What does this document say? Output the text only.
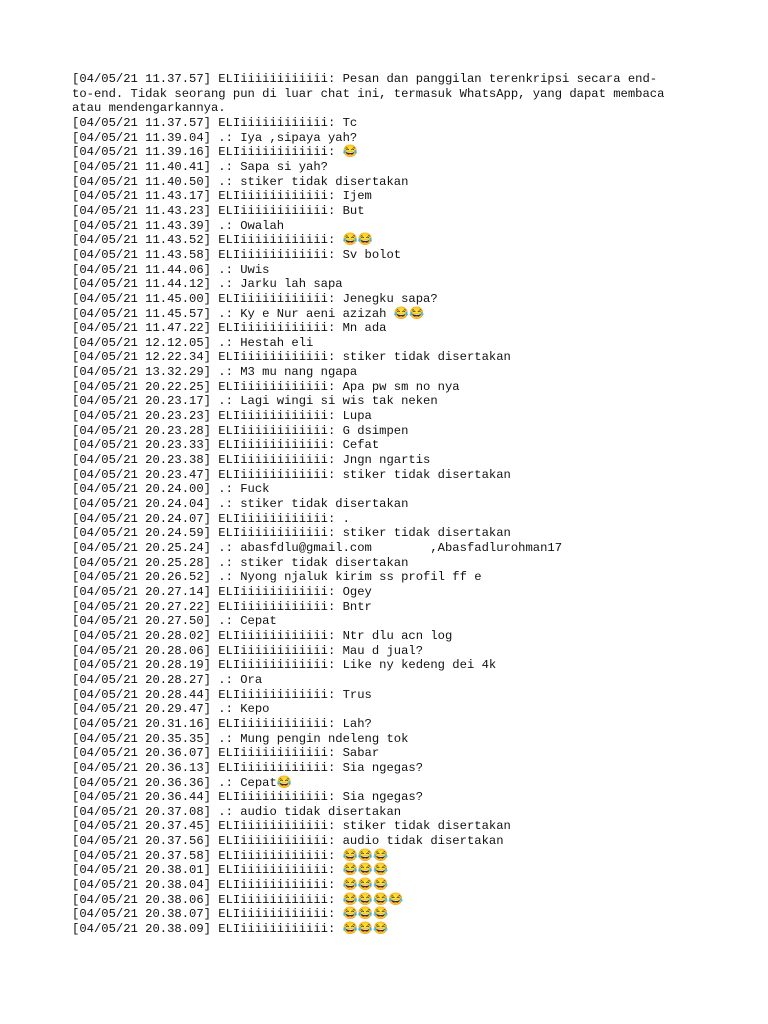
[04/05/21 11.37.57] ELIiiiiiiiiiiii: Pesan dan panggilan terenkripsi secara end-
to-end. Tidak seorang pun di luar chat ini, termasuk WhatsApp, yang dapat membaca
atau mendengarkannya.
[04/05/21 11.37.57] ELIiiiiiiiiiiii: Tc
[04/05/21 11.39.04] .: Iya ,sipaya yah?
[04/05/21 11.39.16] ELIiiiiiiiiiiii: 😂
[04/05/21 11.40.41] .: Sapa si yah?
[04/05/21 11.40.50] .: stiker tidak disertakan
[04/05/21 11.43.17] ELIiiiiiiiiiiii: Ijem
[04/05/21 11.43.23] ELIiiiiiiiiiiii: But
[04/05/21 11.43.39] .: Owalah
[04/05/21 11.43.52] ELIiiiiiiiiiiii: 😂😂
[04/05/21 11.43.58] ELIiiiiiiiiiiii: Sv bolot
[04/05/21 11.44.06] .: Uwis
[04/05/21 11.44.12] .: Jarku lah sapa
[04/05/21 11.45.00] ELIiiiiiiiiiiii: Jenegku sapa?
[04/05/21 11.45.57] .: Ky e Nur aeni azizah 😂😂
[04/05/21 11.47.22] ELIiiiiiiiiiiii: Mn ada
[04/05/21 12.12.05] .: Hestah eli
[04/05/21 12.22.34] ELIiiiiiiiiiiii: stiker tidak disertakan
[04/05/21 13.32.29] .: M3 mu nang ngapa
[04/05/21 20.22.25] ELIiiiiiiiiiiii: Apa pw sm no nya
[04/05/21 20.23.17] .: Lagi wingi si wis tak neken
[04/05/21 20.23.23] ELIiiiiiiiiiiii: Lupa
[04/05/21 20.23.28] ELIiiiiiiiiiiii: G dsimpen
[04/05/21 20.23.33] ELIiiiiiiiiiiii: Cefat
[04/05/21 20.23.38] ELIiiiiiiiiiiii: Jngn ngartis
[04/05/21 20.23.47] ELIiiiiiiiiiiii: stiker tidak disertakan
[04/05/21 20.24.00] .: Fuck
[04/05/21 20.24.04] .: stiker tidak disertakan
[04/05/21 20.24.07] ELIiiiiiiiiiiii: .
[04/05/21 20.24.59] ELIiiiiiiiiiiii: stiker tidak disertakan
[04/05/21 20.25.24] .: abasfdlu@gmail.com        ,Abasfadlurohman17
[04/05/21 20.25.28] .: stiker tidak disertakan
[04/05/21 20.26.52] .: Nyong njaluk kirim ss profil ff e
[04/05/21 20.27.14] ELIiiiiiiiiiiii: Ogey
[04/05/21 20.27.22] ELIiiiiiiiiiiii: Bntr
[04/05/21 20.27.50] .: Cepat
[04/05/21 20.28.02] ELIiiiiiiiiiiii: Ntr dlu acn log
[04/05/21 20.28.06] ELIiiiiiiiiiiii: Mau d jual?
[04/05/21 20.28.19] ELIiiiiiiiiiiii: Like ny kedeng dei 4k
[04/05/21 20.28.27] .: Ora
[04/05/21 20.28.44] ELIiiiiiiiiiiii: Trus
[04/05/21 20.29.47] .: Kepo
[04/05/21 20.31.16] ELIiiiiiiiiiiii: Lah?
[04/05/21 20.35.35] .: Mung pengin ndeleng tok
[04/05/21 20.36.07] ELIiiiiiiiiiiii: Sabar
[04/05/21 20.36.13] ELIiiiiiiiiiiii: Sia ngegas?
[04/05/21 20.36.36] .: Cepat😂
[04/05/21 20.36.44] ELIiiiiiiiiiiii: Sia ngegas?
[04/05/21 20.37.08] .: audio tidak disertakan
[04/05/21 20.37.45] ELIiiiiiiiiiiii: stiker tidak disertakan
[04/05/21 20.37.56] ELIiiiiiiiiiiii: audio tidak disertakan
[04/05/21 20.37.58] ELIiiiiiiiiiiii: 😂😂😂
[04/05/21 20.38.01] ELIiiiiiiiiiiii: 😂😂😂
[04/05/21 20.38.04] ELIiiiiiiiiiiii: 😂😂😂
[04/05/21 20.38.06] ELIiiiiiiiiiiii: 😂😂😂😂
[04/05/21 20.38.07] ELIiiiiiiiiiiii: 😂😂😂
[04/05/21 20.38.09] ELIiiiiiiiiiiii: 😂😂😂
